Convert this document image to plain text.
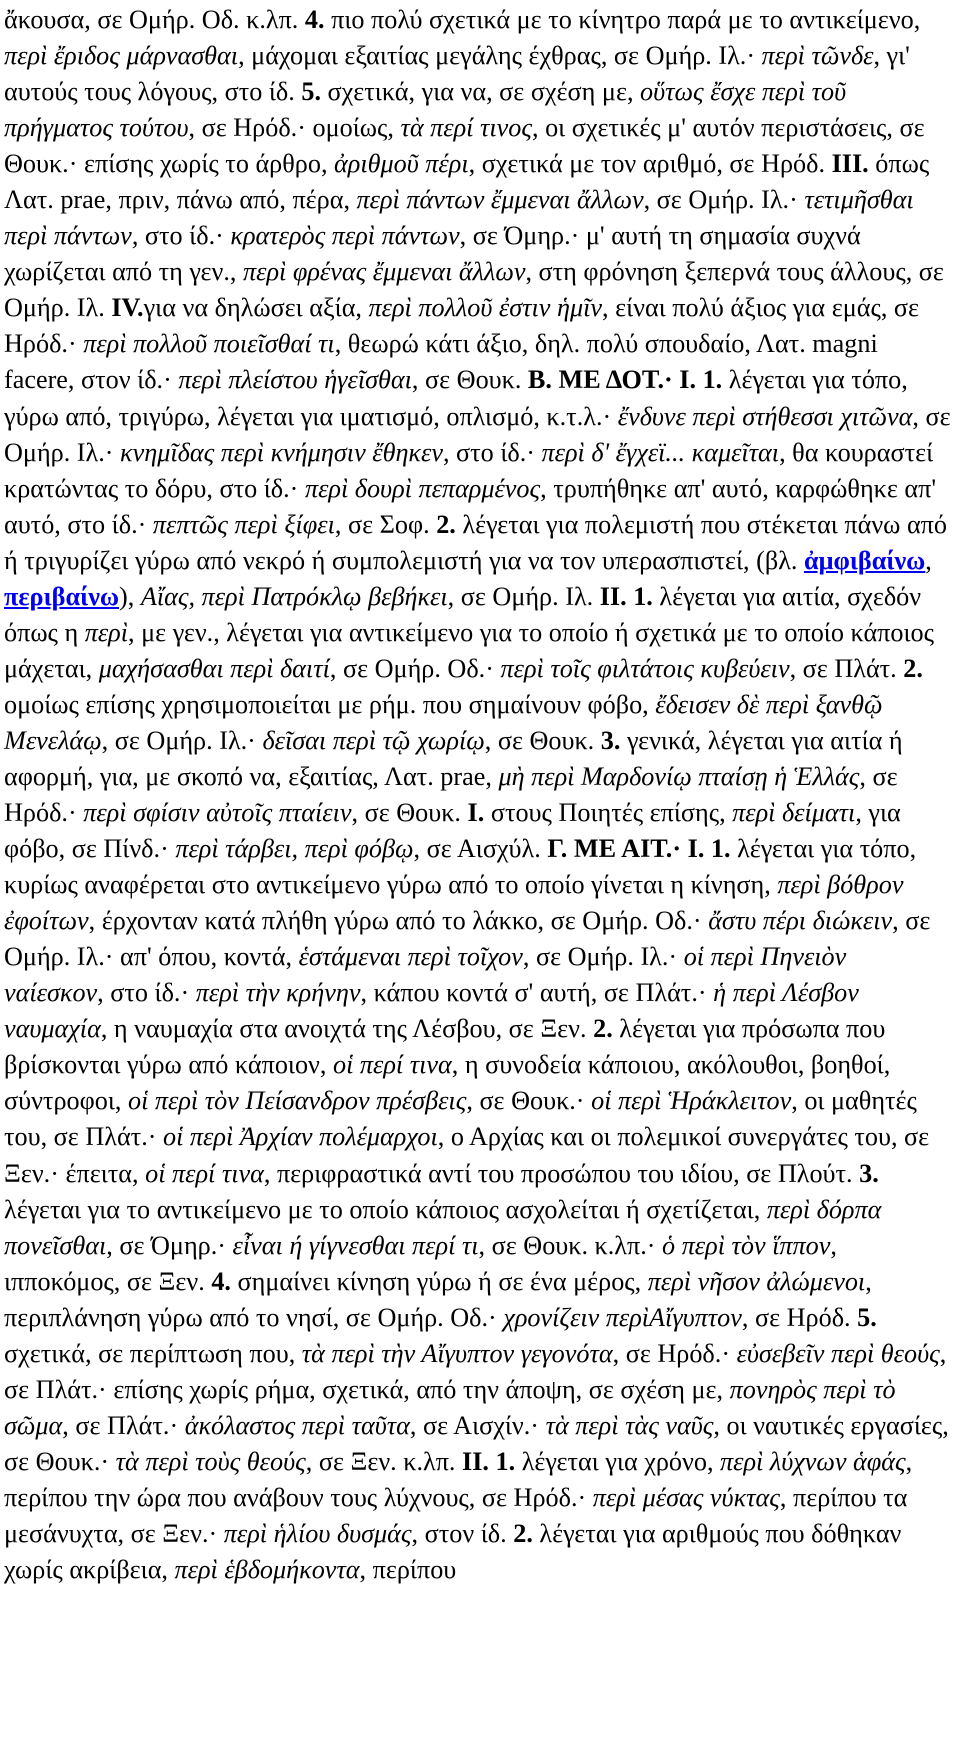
ἄκουσα, σε Ομήρ. Οδ. κ.λπ. 4. πιο πολύ σχετικά με το κίνητρο παρά με το αντικείμενο, περὶ ἔριδος μάρνασθαι, μάχομαι εξαιτίας μεγάλης έχθρας, σε Ομήρ. Ιλ.· περὶ τῶνδε, γι' αυτούς τους λόγους, στο ίδ. 5. σχετικά, για να, σε σχέση με, οὕτως ἔσχε περὶ τοῦ πρήγματος τούτου, σε Ηρόδ.· ομοίως, τὰ περί τινος, οι σχετικές μ' αυτόν περιστάσεις, σε Θουκ.· επίσης χωρίς το άρθρο, ἀριθμοῦ πέρι, σχετικά με τον αριθμό, σε Ηρόδ. III. όπως Λατ. prae, πριν, πάνω από, πέρα, περὶ πάντων ἔμμεναι ἄλλων, σε Ομήρ. Ιλ.· τετιμῆσθαι περὶ πάντων, στο ίδ.· κρατερὸς περὶ πάντων, σε Όμηρ.· μ' αυτή τη σημασία συχνά χωρίζεται από τη γεν., περὶ φρένας ἔμμεναι ἄλλων, στη φρόνηση ξεπερνά τους άλλους, σε Ομήρ. Ιλ. IV.για να δηλώσει αξία, περὶ πολλοῦ ἐστιν ἡμῖν, είναι πολύ άξιος για εμάς, σε Ηρόδ.· περὶ πολλοῦ ποιεῖσθαί τι, θεωρώ κάτι άξιο, δηλ. πολύ σπουδαίο, Λατ. magni facere, στον ίδ.· περὶ πλείστου ἡγεῖσθαι, σε Θουκ. B. ΜΕ ΔΟΤ.· I. 1. λέγεται για τόπο, γύρω από, τριγύρω, λέγεται για ιματισμό, οπλισμό, κ.τ.λ.· ἔνδυνε περὶ στήθεσσι χιτῶνα, σε Ομήρ. Ιλ.· κνημῖδας περὶ κνήμησιν ἔθηκεν, στο ίδ.· περὶ δ' ἔγχεϊ... καμεῖται, θα κουραστεί κρατώντας το δόρυ, στο ίδ.· περὶ δουρὶ πεπαρμένος, τρυπήθηκε απ' αυτό, καρφώθηκε απ' αυτό, στο ίδ.· πεπτῶς περὶ ξίφει, σε Σοφ. 2. λέγεται για πολεμιστή που στέκεται πάνω από ή τριγυρίζει γύρω από νεκρό ή συμπολεμιστή για να τον υπερασπιστεί, (βλ. ἀμφιβαίνω, περιβαίνω), Αἴας, περὶ Πατρόκλῳ βεβήκει, σε Ομήρ. Ιλ. II. 1. λέγεται για αιτία, σχεδόν όπως η περὶ, με γεν., λέγεται για αντικείμενο για το οποίο ή σχετικά με το οποίο κάποιος μάχεται, μαχήσασθαι περὶ δαιτί, σε Ομήρ. Οδ.· περὶ τοῖς φιλτάτοις κυβεύειν, σε Πλάτ. 2. ομοίως επίσης χρησιμοποιείται με ρήμ. που σημαίνουν φόβο, ἔδεισεν δὲ περὶ ξανθῷ Μενελάῳ, σε Ομήρ. Ιλ.· δεῖσαι περὶ τῷ χωρίῳ, σε Θουκ. 3. γενικά, λέγεται για αιτία ή αφορμή, για, με σκοπό να, εξαιτίας, Λατ. prae, μὴ περὶ Μαρδονίῳ πταίσῃ ἡ Ἑλλάς, σε Ηρόδ.· περὶ σφίσιν αὐτοῖς πταίειν, σε Θουκ. I. στους Ποιητές επίσης, περὶ δείματι, για φόβο, σε Πίνδ.· περὶ τάρβει, περὶ φόβῳ, σε Αισχύλ. Γ. ΜΕ ΑΙΤ.· I. 1. λέγεται για τόπο, κυρίως αναφέρεται στο αντικείμενο γύρω από το οποίο γίνεται η κίνηση, περὶ βόθρον ἐφοίτων, έρχονταν κατά πλήθη γύρω από το λάκκο, σε Ομήρ. Οδ.· ἄστυ πέρι διώκειν, σε Ομήρ. Ιλ.· απ' όπου, κοντά, ἑστάμεναι περὶ τοῖχον, σε Ομήρ. Ιλ.· οἱ περὶ Πηνειὸν ναίεσκον, στο ίδ.· περὶ τὴν κρήνην, κάπου κοντά σ' αυτή, σε Πλάτ.· ἡ περὶ Λέσβον ναυμαχία, η ναυμαχία στα ανοιχτά της Λέσβου, σε Ξεν. 2. λέγεται για πρόσωπα που βρίσκονται γύρω από κάποιον, οἱ περί τινα, η συνοδεία κάποιου, ακόλουθοι, βοηθοί, σύντροφοι, οἱ περὶ τὸν Πείσανδρον πρέσβεις, σε Θουκ.· οἱ περὶ Ἡράκλειτον, οι μαθητές του, σε Πλάτ.· οἱ περὶ Ἀρχίαν πολέμαρχοι, ο Αρχίας και οι πολεμικοί συνεργάτες του, σε Ξεν.· έπειτα, οἱ περί τινα, περιφραστικά αντί του προσώπου του ιδίου, σε Πλούτ. 3. λέγεται για το αντικείμενο με το οποίο κάποιος ασχολείται ή σχετίζεται, περὶ δόρπα πονεῖσθαι, σε Όμηρ.· εἶναι ή γίγνεσθαι περί τι, σε Θουκ. κ.λπ.· ὁ περὶ τὸν ἵππον, ιπποκόμος, σε Ξεν. 4. σημαίνει κίνηση γύρω ή σε ένα μέρος, περὶ νῆσον ἀλώμενοι, περιπλάνηση γύρω από το νησί, σε Ομήρ. Οδ.· χρονίζειν περὶΑἴγυπτον, σε Ηρόδ. 5. σχετικά, σε περίπτωση που, τὰ περὶ τὴν Αἴγυπτον γεγονότα, σε Ηρόδ.· εὐσεβεῖν περὶ θεούς, σε Πλάτ.· επίσης χωρίς ρήμα, σχετικά, από την άποψη, σε σχέση με, πονηρὸς περὶ τὸ σῶμα, σε Πλάτ.· ἀκόλαστος περὶ ταῦτα, σε Αισχίν.· τὰ περὶ τὰς ναῦς, οι ναυτικές εργασίες, σε Θουκ.· τὰ περὶ τοὺς θεούς, σε Ξεν. κ.λπ. II. 1. λέγεται για χρόνο, περὶ λύχνων ἁφάς, περίπου την ώρα που ανάβουν τους λύχνους, σε Ηρόδ.· περὶ μέσας νύκτας, περίπου τα μεσάνυχτα, σε Ξεν.· περὶ ἡλίου δυσμάς, στον ίδ. 2. λέγεται για αριθμούς που δόθηκαν χωρίς ακρίβεια, περὶ ἑβδομήκοντα, περίπου
